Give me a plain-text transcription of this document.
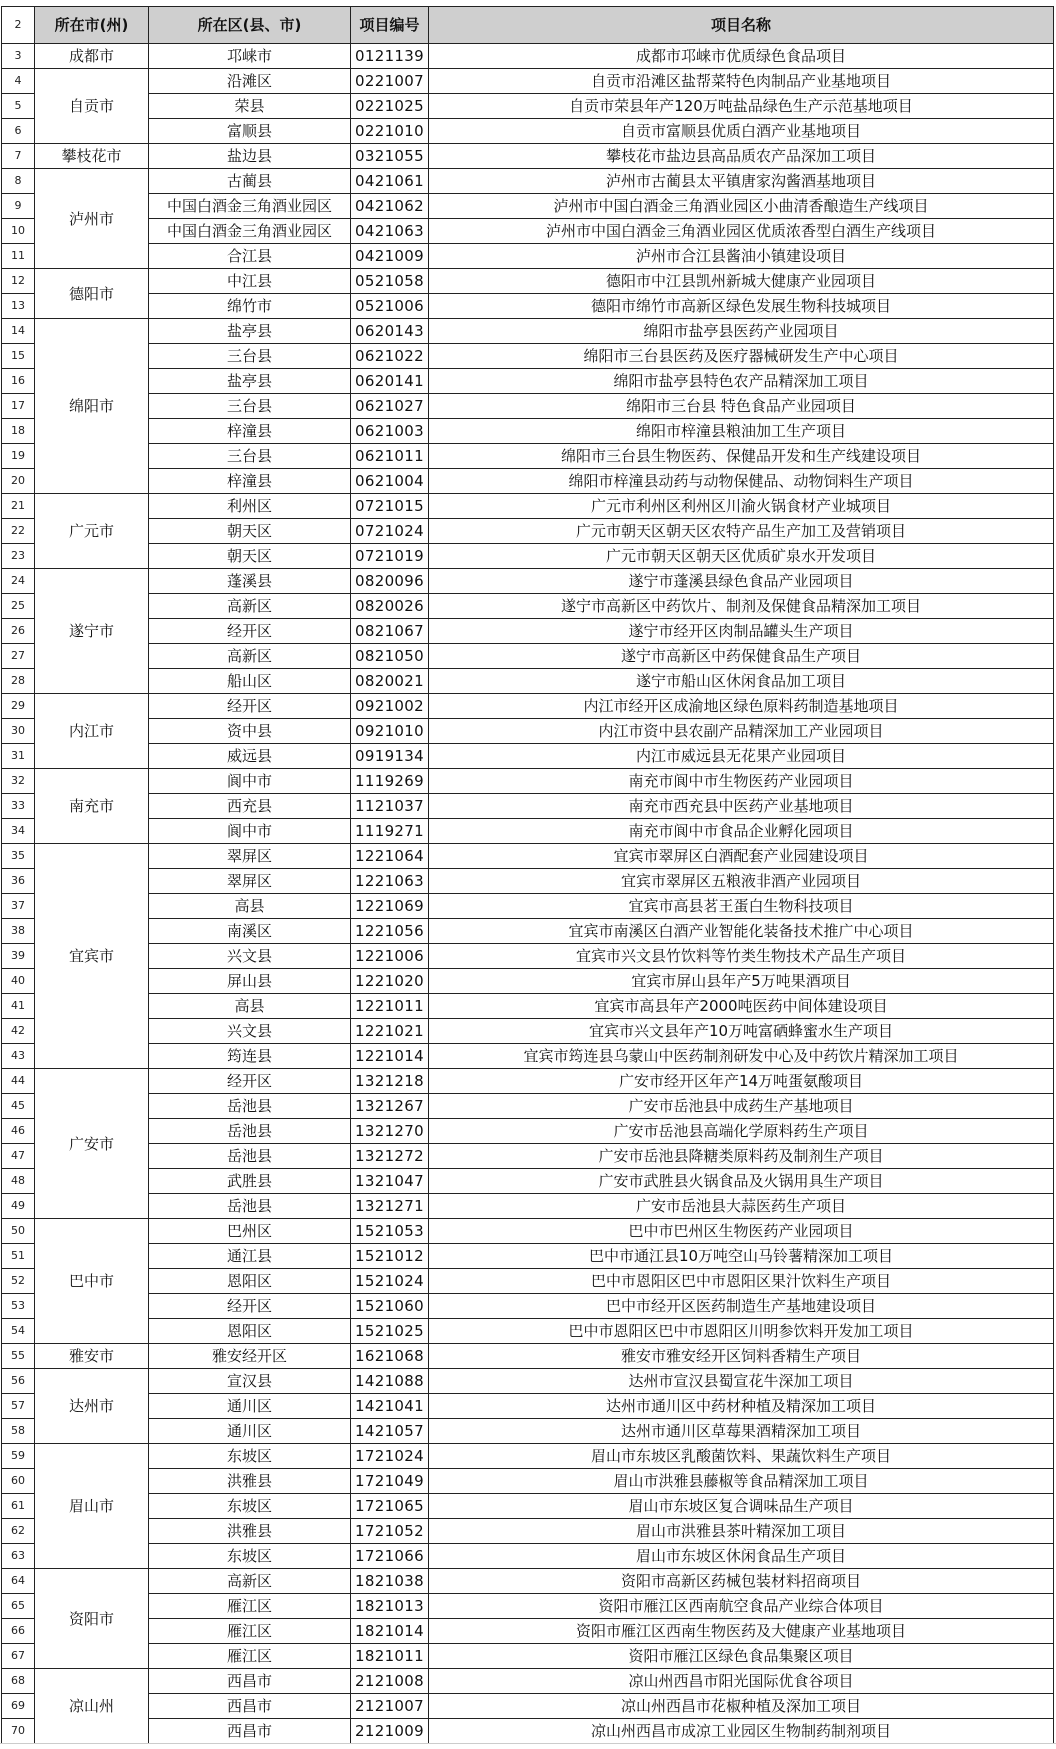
2	所在市(州)	所在区(县、市)	项目编号	项目名称
3	成都市	邛崃市	0121139	成都市邛崃市优质绿色食品项目
4	自贡市	沿滩区	0221007	自贡市沿滩区盐帮菜特色肉制品产业基地项目
5		荣县	0221025	自贡市荣县年产120万吨盐品绿色生产示范基地项目
6		富顺县	0221010	自贡市富顺县优质白酒产业基地项目
7	攀枝花市	盐边县	0321055	攀枝花市盐边县高品质农产品深加工项目
8	泸州市	古蔺县	0421061	泸州市古蔺县太平镇唐家沟酱酒基地项目
9		中国白酒金三角酒业园区	0421062	泸州市中国白酒金三角酒业园区小曲清香酿造生产线项目
10		中国白酒金三角酒业园区	0421063	泸州市中国白酒金三角酒业园区优质浓香型白酒生产线项目
11		合江县	0421009	泸州市合江县酱油小镇建设项目
12	德阳市	中江县	0521058	德阳市中江县凯州新城大健康产业园项目
13		绵竹市	0521006	德阳市绵竹市高新区绿色发展生物科技城项目
14	绵阳市	盐亭县	0620143	绵阳市盐亭县医药产业园项目
15		三台县	0621022	绵阳市三台县医药及医疗器械研发生产中心项目
16		盐亭县	0620141	绵阳市盐亭县特色农产品精深加工项目
17		三台县	0621027	绵阳市三台县 特色食品产业园项目
18		梓潼县	0621003	绵阳市梓潼县粮油加工生产项目
19		三台县	0621011	绵阳市三台县生物医药、保健品开发和生产线建设项目
20		梓潼县	0621004	绵阳市梓潼县动药与动物保健品、动物饲料生产项目
21	广元市	利州区	0721015	广元市利州区利州区川渝火锅食材产业城项目
22		朝天区	0721024	广元市朝天区朝天区农特产品生产加工及营销项目
23		朝天区	0721019	广元市朝天区朝天区优质矿泉水开发项目
24	遂宁市	蓬溪县	0820096	遂宁市蓬溪县绿色食品产业园项目
25		高新区	0820026	遂宁市高新区中药饮片、制剂及保健食品精深加工项目
26		经开区	0821067	遂宁市经开区肉制品罐头生产项目
27		高新区	0821050	遂宁市高新区中药保健食品生产项目
28		船山区	0820021	遂宁市船山区休闲食品加工项目
29	内江市	经开区	0921002	内江市经开区成渝地区绿色原料药制造基地项目
30		资中县	0921010	内江市资中县农副产品精深加工产业园项目
31		威远县	0919134	内江市威远县无花果产业园项目
32	南充市	阆中市	1119269	南充市阆中市生物医药产业园项目
33		西充县	1121037	南充市西充县中医药产业基地项目
34		阆中市	1119271	南充市阆中市食品企业孵化园项目
35	宜宾市	翠屏区	1221064	宜宾市翠屏区白酒配套产业园建设项目
36		翠屏区	1221063	宜宾市翠屏区五粮液非酒产业园项目
37		高县	1221069	宜宾市高县茗王蛋白生物科技项目
38		南溪区	1221056	宜宾市南溪区白酒产业智能化装备技术推广中心项目
39		兴文县	1221006	宜宾市兴文县竹饮料等竹类生物技术产品生产项目
40		屏山县	1221020	宜宾市屏山县年产5万吨果酒项目
41		高县	1221011	宜宾市高县年产2000吨医药中间体建设项目
42		兴文县	1221021	宜宾市兴文县年产10万吨富硒蜂蜜水生产项目
43		筠连县	1221014	宜宾市筠连县乌蒙山中医药制剂研发中心及中药饮片精深加工项目
44	广安市	经开区	1321218	广安市经开区年产14万吨蛋氨酸项目
45		岳池县	1321267	广安市岳池县中成药生产基地项目
46		岳池县	1321270	广安市岳池县高端化学原料药生产项目
47		岳池县	1321272	广安市岳池县降糖类原料药及制剂生产项目
48		武胜县	1321047	广安市武胜县火锅食品及火锅用具生产项目
49		岳池县	1321271	广安市岳池县大蒜医药生产项目
50	巴中市	巴州区	1521053	巴中市巴州区生物医药产业园项目
51		通江县	1521012	巴中市通江县10万吨空山马铃薯精深加工项目
52		恩阳区	1521024	巴中市恩阳区巴中市恩阳区果汁饮料生产项目
53		经开区	1521060	巴中市经开区医药制造生产基地建设项目
54		恩阳区	1521025	巴中市恩阳区巴中市恩阳区川明参饮料开发加工项目
55	雅安市	雅安经开区	1621068	雅安市雅安经开区饲料香精生产项目
56	达州市	宣汉县	1421088	达州市宣汉县蜀宣花牛深加工项目
57		通川区	1421041	达州市通川区中药材种植及精深加工项目
58		通川区	1421057	达州市通川区草莓果酒精深加工项目
59	眉山市	东坡区	1721024	眉山市东坡区乳酸菌饮料、果蔬饮料生产项目
60		洪雅县	1721049	眉山市洪雅县藤椒等食品精深加工项目
61		东坡区	1721065	眉山市东坡区复合调味品生产项目
62		洪雅县	1721052	眉山市洪雅县茶叶精深加工项目
63		东坡区	1721066	眉山市东坡区休闲食品生产项目
64	资阳市	高新区	1821038	资阳市高新区药械包装材料招商项目
65		雁江区	1821013	资阳市雁江区西南航空食品产业综合体项目
66		雁江区	1821014	资阳市雁江区西南生物医药及大健康产业基地项目
67		雁江区	1821011	资阳市雁江区绿色食品集聚区项目
68	凉山州	西昌市	2121008	凉山州西昌市阳光国际优食谷项目
69		西昌市	2121007	凉山州西昌市花椒种植及深加工项目
70		西昌市	2121009	凉山州西昌市成凉工业园区生物制药制剂项目
